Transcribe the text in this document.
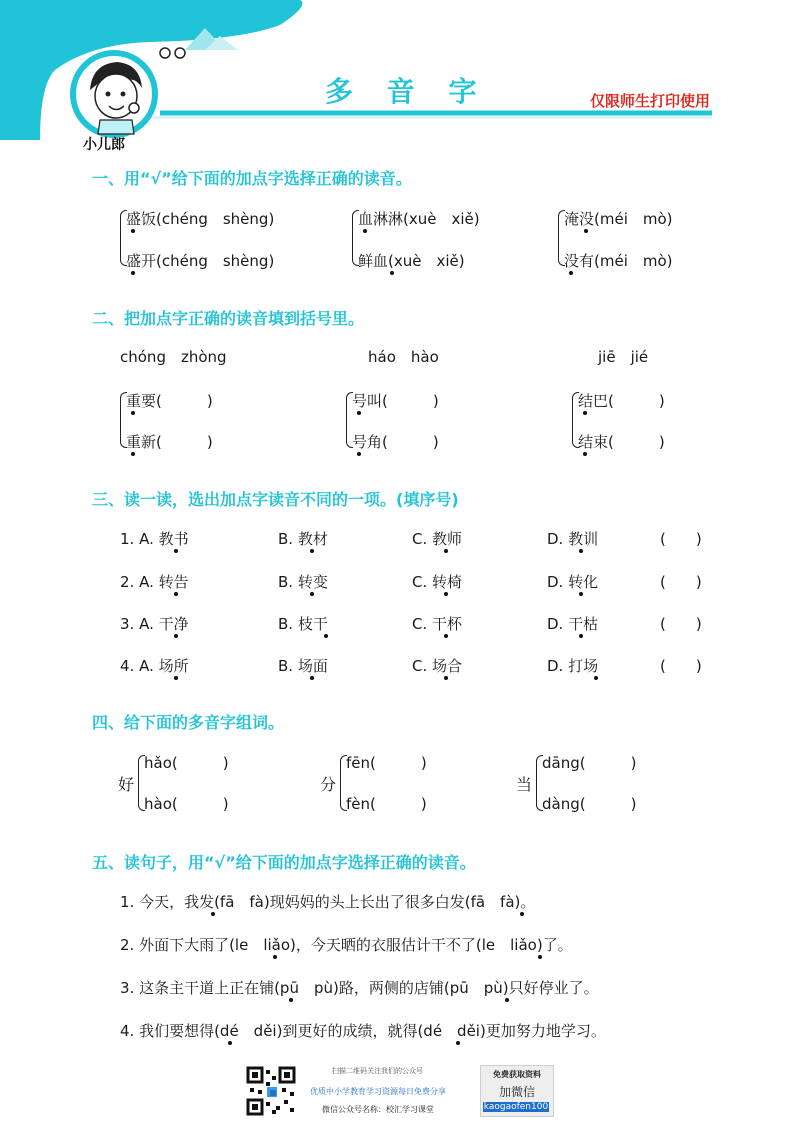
小儿郎
多 音 字	仅限师生打印使用
一、用“√”给下面的加点字选择正确的读音。
盛饭(chéng　shèng)
盛开(chéng　shèng)
血淋淋(xuè　xiě)
鲜血(xuè　xiě)
淹没(méi　mò)
没有(méi　mò)
二、把加点字正确的读音填到括号里。
chóng　zhòng	háo　hào	jiē　jié
重要(　　　)
重新(　　　)
号叫(　　　)
号角(　　　)
结巴(　　　)
结束(　　　)
三、读一读，选出加点字读音不同的一项。(填序号)
1. A. 教书	B. 教材	C. 教师	D. 教训	(　　)
2. A. 转告	B. 转变	C. 转椅	D. 转化	(　　)
3. A. 干净	B. 枝干	C. 干杯	D. 干枯	(　　)
4. A. 场所	B. 场面	C. 场合	D. 打场	(　　)
四、给下面的多音字组词。
好
hǎo(　　　)
hào(　　　)
分
fēn(　　　)
fèn(　　　)
当
dāng(　　　)
dàng(　　　)
五、读句子，用“√”给下面的加点字选择正确的读音。
1. 今天，我发(fā　fà)现妈妈的头上长出了很多白发(fā　fà)。
2. 外面下大雨了(le　liǎo)，今天晒的衣服估计干不了(le　liǎo)了。
3. 这条主干道上正在铺(pū　pù)路，两侧的店铺(pū　pù)只好停业了。
4. 我们要想得(dé　děi)到更好的成绩，就得(dé　děi)更加努力地学习。
扫描二维码关注我们的公众号
优质中小学教育学习资源每日免费分享
微信公众号名称：校汇学习课堂
免费获取资料
加微信
kaogaofen100
